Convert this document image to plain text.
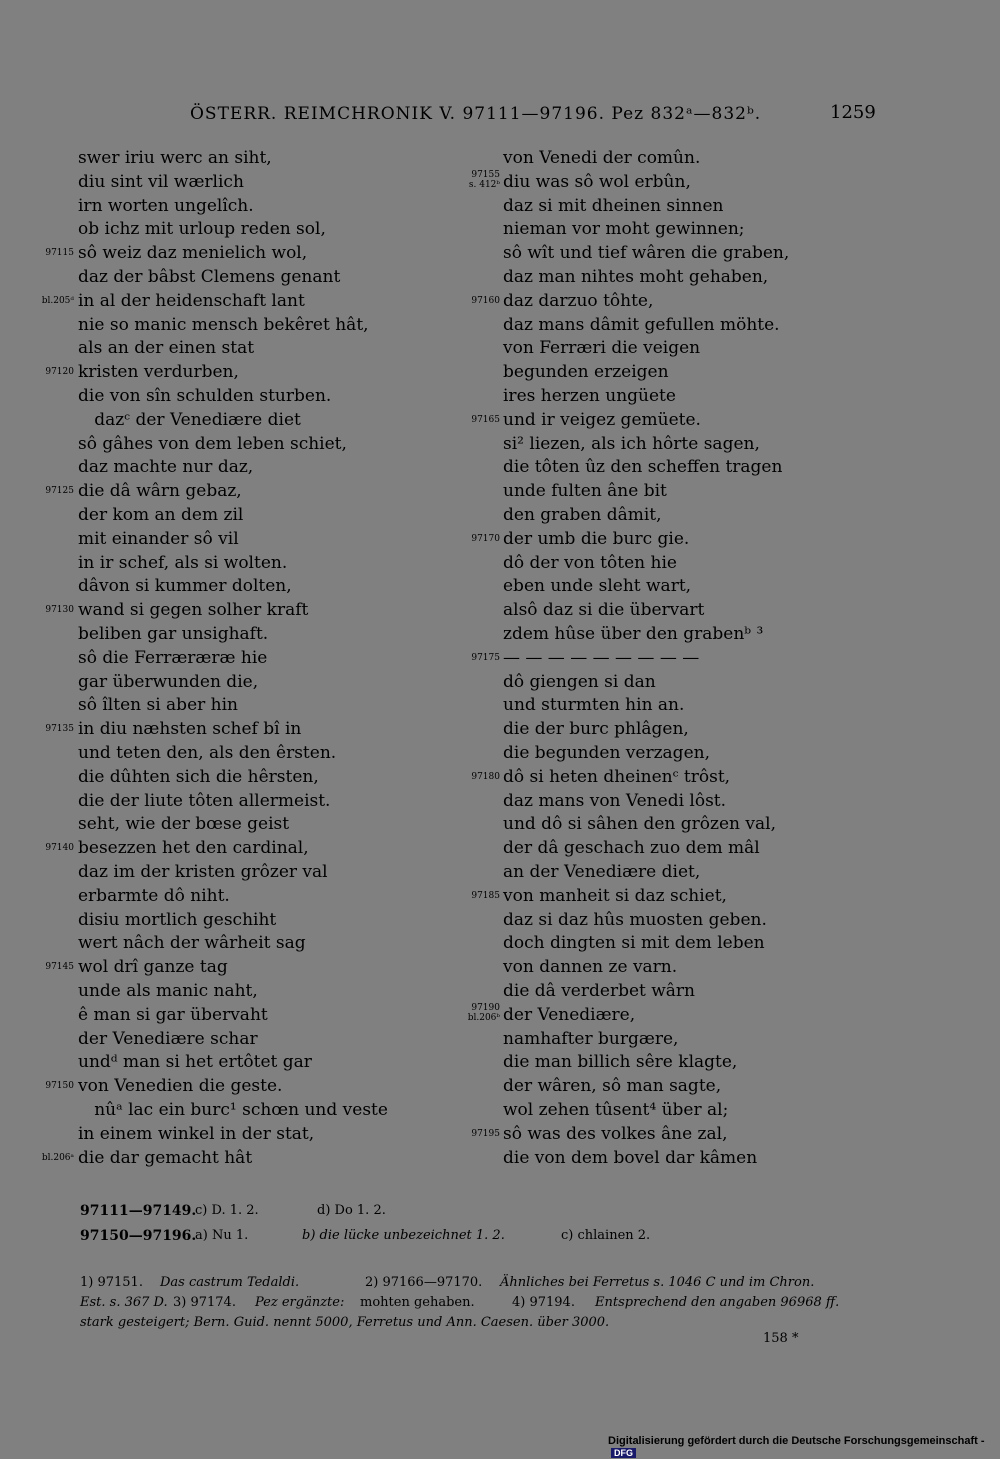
ÖSTERR. REIMCHRONIK V. 97111—97196. Pez 832ᵃ—832ᵇ.	1259
swer iriu werc an siht,
diu sint vil wærlich
irn worten ungelîch.
ob ichz mit urloup reden sol,
97115 sô weiz daz menielich wol,
daz der bâbst Clemens genant
bl.205ᵈ in al der heidenschaft lant
nie so manic mensch bekêret hât,
als an der einen stat
97120 kristen verdurben,
die von sîn schulden sturben.
dazᶜ der Venediære diet
sô gâhes von dem leben schiet,
daz machte nur daz,
97125 die dâ wârn gebaz,
der kom an dem zil
mit einander sô vil
in ir schef, als si wolten.
dâvon si kummer dolten,
97130 wand si gegen solher kraft
beliben gar unsighaft.
sô die Ferræræræ hie
gar überwunden die,
sô îlten si aber hin
97135 in diu næhsten schef bî in
und teten den, als den êrsten.
die dûhten sich die hêrsten,
die der liute tôten allermeist.
seht, wie der bœse geist
97140 besezzen het den cardinal,
daz im der kristen grôzer val
erbarmte dô niht.
disiu mortlich geschiht
wert nâch der wârheit sag
97145 wol drî ganze tag
unde als manic naht,
ê man si gar übervaht
der Venediære schar
undᵈ man si het ertôtet gar
97150 von Venedien die geste.
nûᵃ lac ein burc¹ schœn und veste
in einem winkel in der stat,
bl.206ᵃ die dar gemacht hât
von Venedi der comûn.
97155
s. 412ᵇ diu was sô wol erbûn,
daz si mit dheinen sinnen
nieman vor moht gewinnen;
sô wît und tief wâren die graben,
daz man nihtes moht gehaben,
97160 daz darzuo tôhte,
daz mans dâmit gefullen möhte.
von Ferræri die veigen
begunden erzeigen
ires herzen ungüete
97165 und ir veigez gemüete.
si² liezen, als ich hôrte sagen,
die tôten ûz den scheffen tragen
unde fulten âne bit
den graben dâmit,
97170 der umb die burc gie.
dô der von tôten hie
eben unde sleht wart,
alsô daz si die übervart
zdem hûse über den grabenᵇ ³
97175 — — — — — — — — —
dô giengen si dan
und sturmten hin an.
die der burc phlâgen,
die begunden verzagen,
97180 dô si heten dheinenᶜ trôst,
daz mans von Venedi lôst.
und dô si sâhen den grôzen val,
der dâ geschach zuo dem mâl
an der Venediære diet,
97185 von manheit si daz schiet,
daz si daz hûs muosten geben.
doch dingten si mit dem leben
von dannen ze varn.
die dâ verderbet wârn
97190
bl.206ᵇ der Venediære,
namhafter burgære,
die man billich sêre klagte,
der wâren, sô man sagte,
wol zehen tûsent⁴ über al;
97195 sô was des volkes âne zal,
die von dem bovel dar kâmen
97111—97149.
c) D. 1. 2.	d) Do 1. 2.
97150—97196.
a) Nu 1.	b) die lücke unbezeichnet 1. 2.	c) chlainen 2.
1) 97151. Das castrum Tedaldi.	2) 97166—97170. Ähnliches bei Ferretus s. 1046 C und im Chron.
Est. s. 367 D. 3) 97174. Pez ergänzte: mohten gehaben.	4) 97194. Entsprechend den angaben 96968 ff.
stark gesteigert; Bern. Guid. nennt 5000, Ferretus und Ann. Caesen. über 3000.
158 *
Digitalisierung gefördert durch die Deutsche Forschungsgemeinschaft -DFG
